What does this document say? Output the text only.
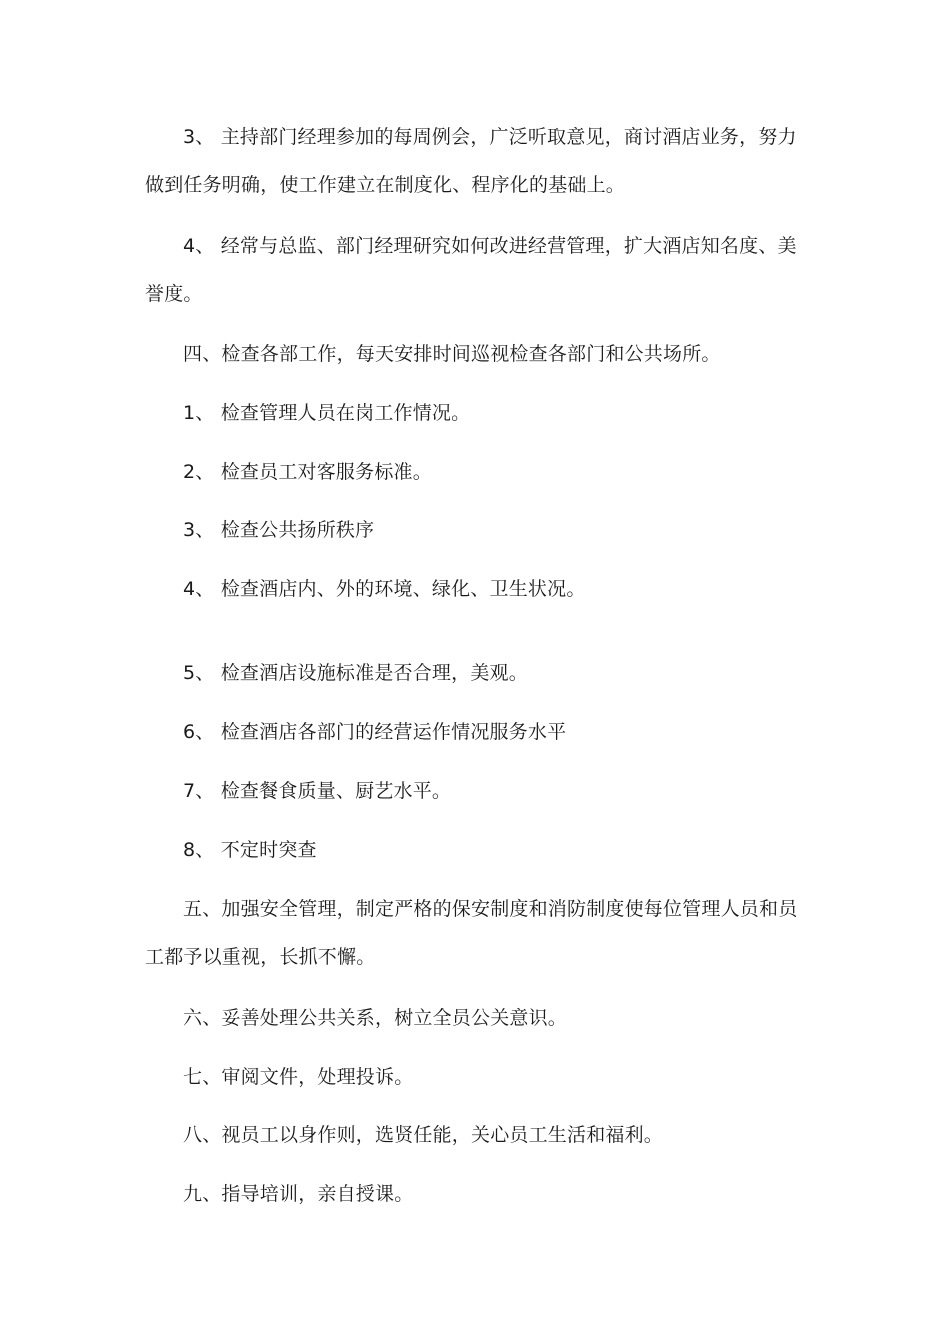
3、 主持部门经理参加的每周例会，广泛听取意见，商讨酒店业务，努力
做到任务明确，使工作建立在制度化、程序化的基础上。
4、 经常与总监、部门经理研究如何改进经营管理，扩大酒店知名度、美
誉度。
四、检查各部工作，每天安排时间巡视检查各部门和公共场所。
1、 检查管理人员在岗工作情况。
2、 检查员工对客服务标准。
3、 检查公共扬所秩序
4、 检查酒店内、外的环境、绿化、卫生状况。
5、 检查酒店设施标准是否合理，美观。
6、 检查酒店各部门的经营运作情况服务水平
7、 检查餐食质量、厨艺水平。
8、 不定时突查
五、加强安全管理，制定严格的保安制度和消防制度使每位管理人员和员
工都予以重视，长抓不懈。
六、妥善处理公共关系，树立全员公关意识。
七、审阅文件，处理投诉。
八、视员工以身作则，选贤任能，关心员工生活和福利。
九、指导培训，亲自授课。
